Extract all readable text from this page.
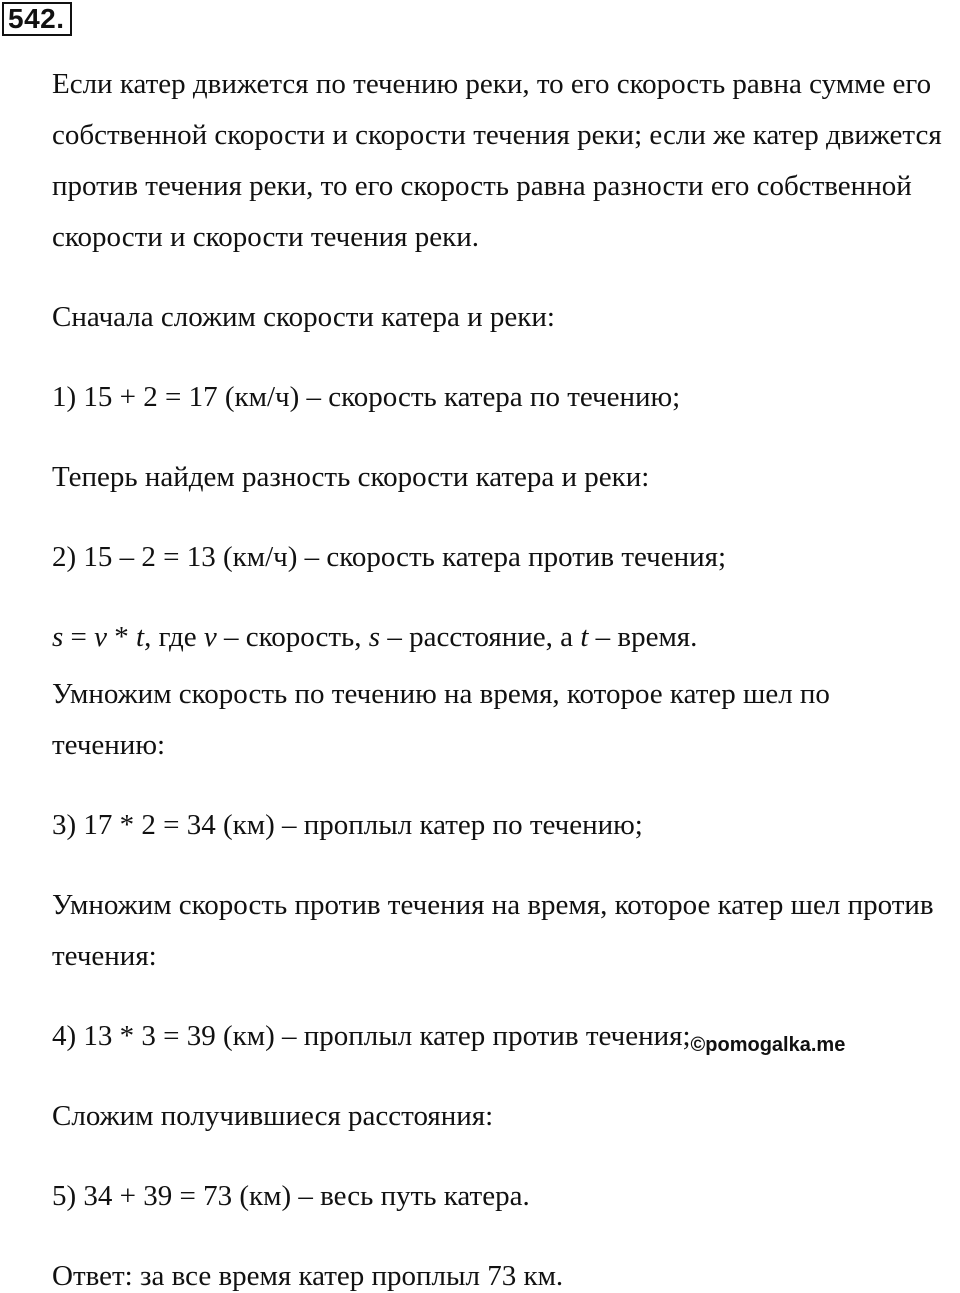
542.
Если катер движется по течению реки, то его скорость равна сумме его
собственной скорости и скорости течения реки; если же катер движется
против течения реки, то его скорость равна разности его собственной
скорости и скорости течения реки.
Сначала сложим скорости катера и реки:
1) 15 + 2 = 17 (км/ч) – скорость катера по течению;
Теперь найдем разность скорости катера и реки:
2) 15 – 2 = 13 (км/ч) – скорость катера против течения;
s = v * t, где v – скорость, s – расстояние, а t – время.
Умножим скорость по течению на время, которое катер шел по
течению:
3) 17 * 2 = 34 (км) – проплыл катер по течению;
Умножим скорость против течения на время, которое катер шел против
течения:
4) 13 * 3 = 39 (км) – проплыл катер против $течения;_{©pomogalka.me}$
Сложим получившиеся расстояния:
5) 34 + 39 = 73 (км) – весь путь катера.
Ответ: за все время катер проплыл 73 км.
